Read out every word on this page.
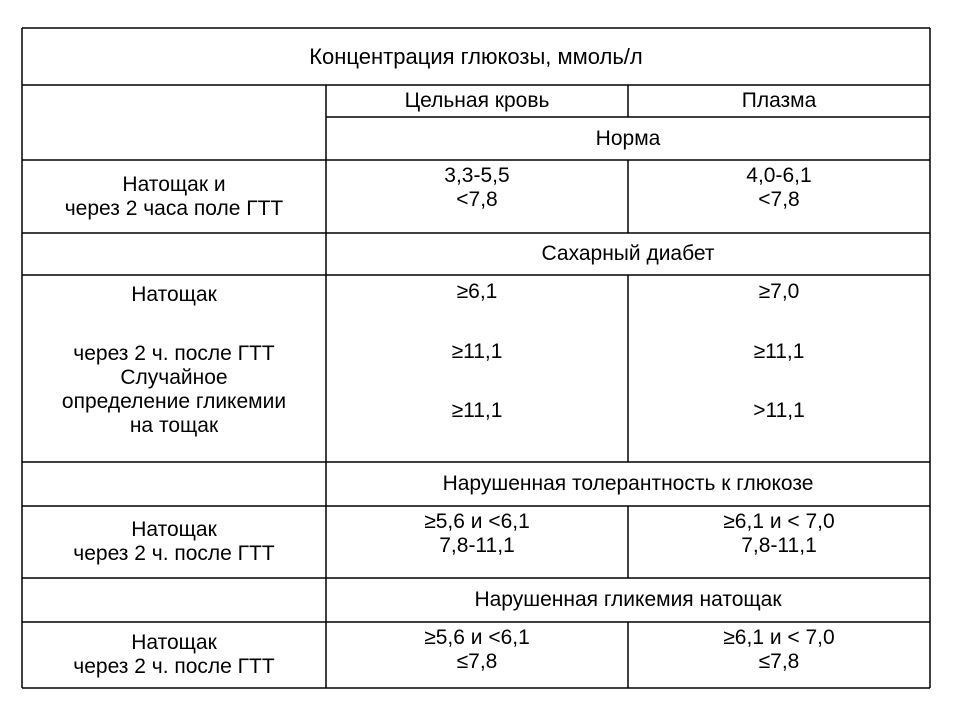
Концентрация глюкозы, ммоль/л
Цельная кровь	Плазма
Норма
Натощак и
через 2 часа поле ГТТ
3,3-5,5
<7,8
4,0-6,1
<7,8
Сахарный диабет
Натощак
через 2 ч. после ГТТ
Случайное
определение гликемии
на тощак
≥6,1
≥11,1
≥11,1
≥7,0
≥11,1
>11,1
Нарушенная толерантность к глюкозе
Натощак
через 2 ч. после ГТТ
≥5,6 и <6,1
7,8-11,1
≥6,1 и < 7,0
7,8-11,1
Нарушенная гликемия натощак
Натощак
через 2 ч. после ГТТ
≥5,6 и <6,1
≤7,8
≥6,1 и < 7,0
≤7,8
